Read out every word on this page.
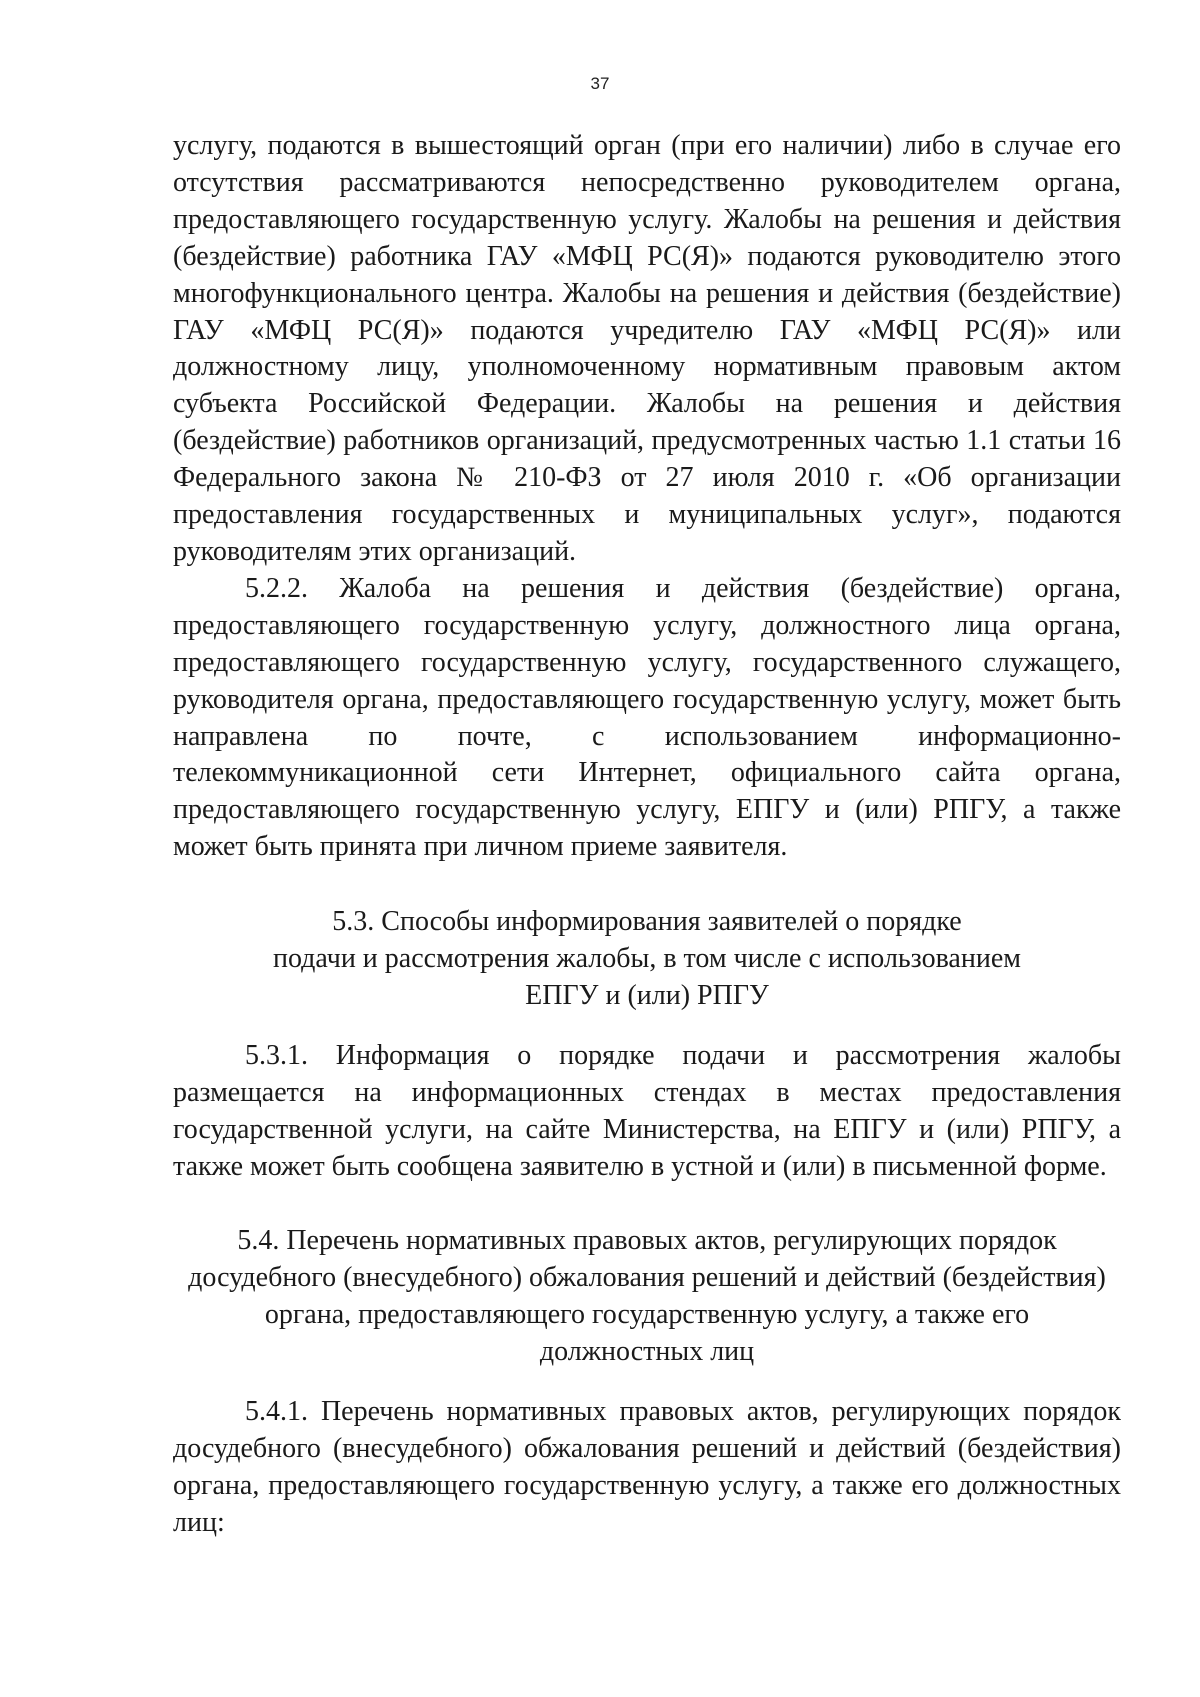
37

услугу, подаются в вышестоящий орган (при его наличии) либо в случае его отсутствия рассматриваются непосредственно руководителем органа, предоставляющего государственную услугу. Жалобы на решения и действия (бездействие) работника ГАУ «МФЦ РС(Я)» подаются руководителю этого многофункционального центра. Жалобы на решения и действия (бездействие) ГАУ «МФЦ РС(Я)» подаются учредителю ГАУ «МФЦ РС(Я)» или должностному лицу, уполномоченному нормативным правовым актом субъекта Российской Федерации. Жалобы на решения и действия (бездействие) работников организаций, предусмотренных частью 1.1 статьи 16 Федерального закона № 210-ФЗ от 27 июля 2010 г. «Об организации предоставления государственных и муниципальных услуг», подаются руководителям этих организаций.

5.2.2. Жалоба на решения и действия (бездействие) органа, предоставляющего государственную услугу, должностного лица органа, предоставляющего государственную услугу, государственного служащего, руководителя органа, предоставляющего государственную услугу, может быть направлена по почте, с использованием информационно-телекоммуникационной сети Интернет, официального сайта органа, предоставляющего государственную услугу, ЕПГУ и (или) РПГУ, а также может быть принята при личном приеме заявителя.

5.3. Способы информирования заявителей о порядке
подачи и рассмотрения жалобы, в том числе с использованием
ЕПГУ и (или) РПГУ

5.3.1. Информация о порядке подачи и рассмотрения жалобы размещается на информационных стендах в местах предоставления государственной услуги, на сайте Министерства, на ЕПГУ и (или) РПГУ, а также может быть сообщена заявителю в устной и (или) в письменной форме.

5.4. Перечень нормативных правовых актов, регулирующих порядок
досудебного (внесудебного) обжалования решений и действий (бездействия)
органа, предоставляющего государственную услугу, а также его
должностных лиц

5.4.1. Перечень нормативных правовых актов, регулирующих порядок досудебного (внесудебного) обжалования решений и действий (бездействия) органа, предоставляющего государственную услугу, а также его должностных лиц:
